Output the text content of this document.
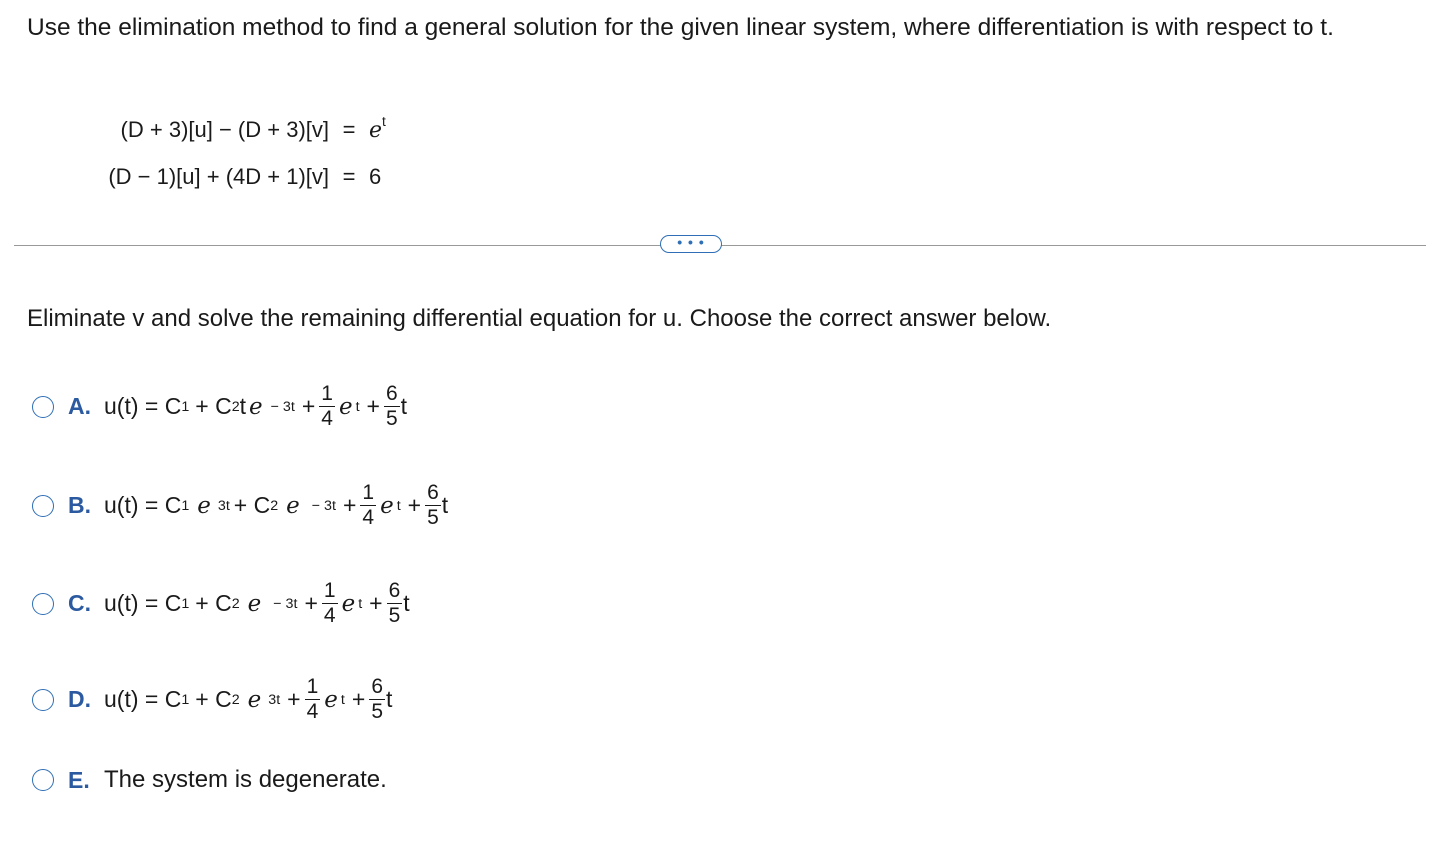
Use the elimination method to find a general solution for the given linear system, where differentiation is with respect to t.
$(D + 3)[u] - (D + 3)[v] = e^t$
(D − 1)[u] + (4D + 1)[v] = 6
• • •
Eliminate v and solve the remaining differential equation for u. Choose the correct answer below.
A. u(t) = C 1 + C 2 t $e - 3t + \frac{1}{4}$ e $t + \frac{6}{5}$ t
B. u(t) = C 1 e 3t + C 2 $e - 3t + \frac{1}{4}$ e $t + \frac{6}{5}$ t
C. u(t) = C 1 + C 2 $e - 3t + \frac{1}{4}$ e $t + \frac{6}{5}$ t
D. u(t) = C 1 + C 2 e $3t + \frac{1}{4}$ e $t + \frac{6}{5}$ t
E. The system is degenerate.
